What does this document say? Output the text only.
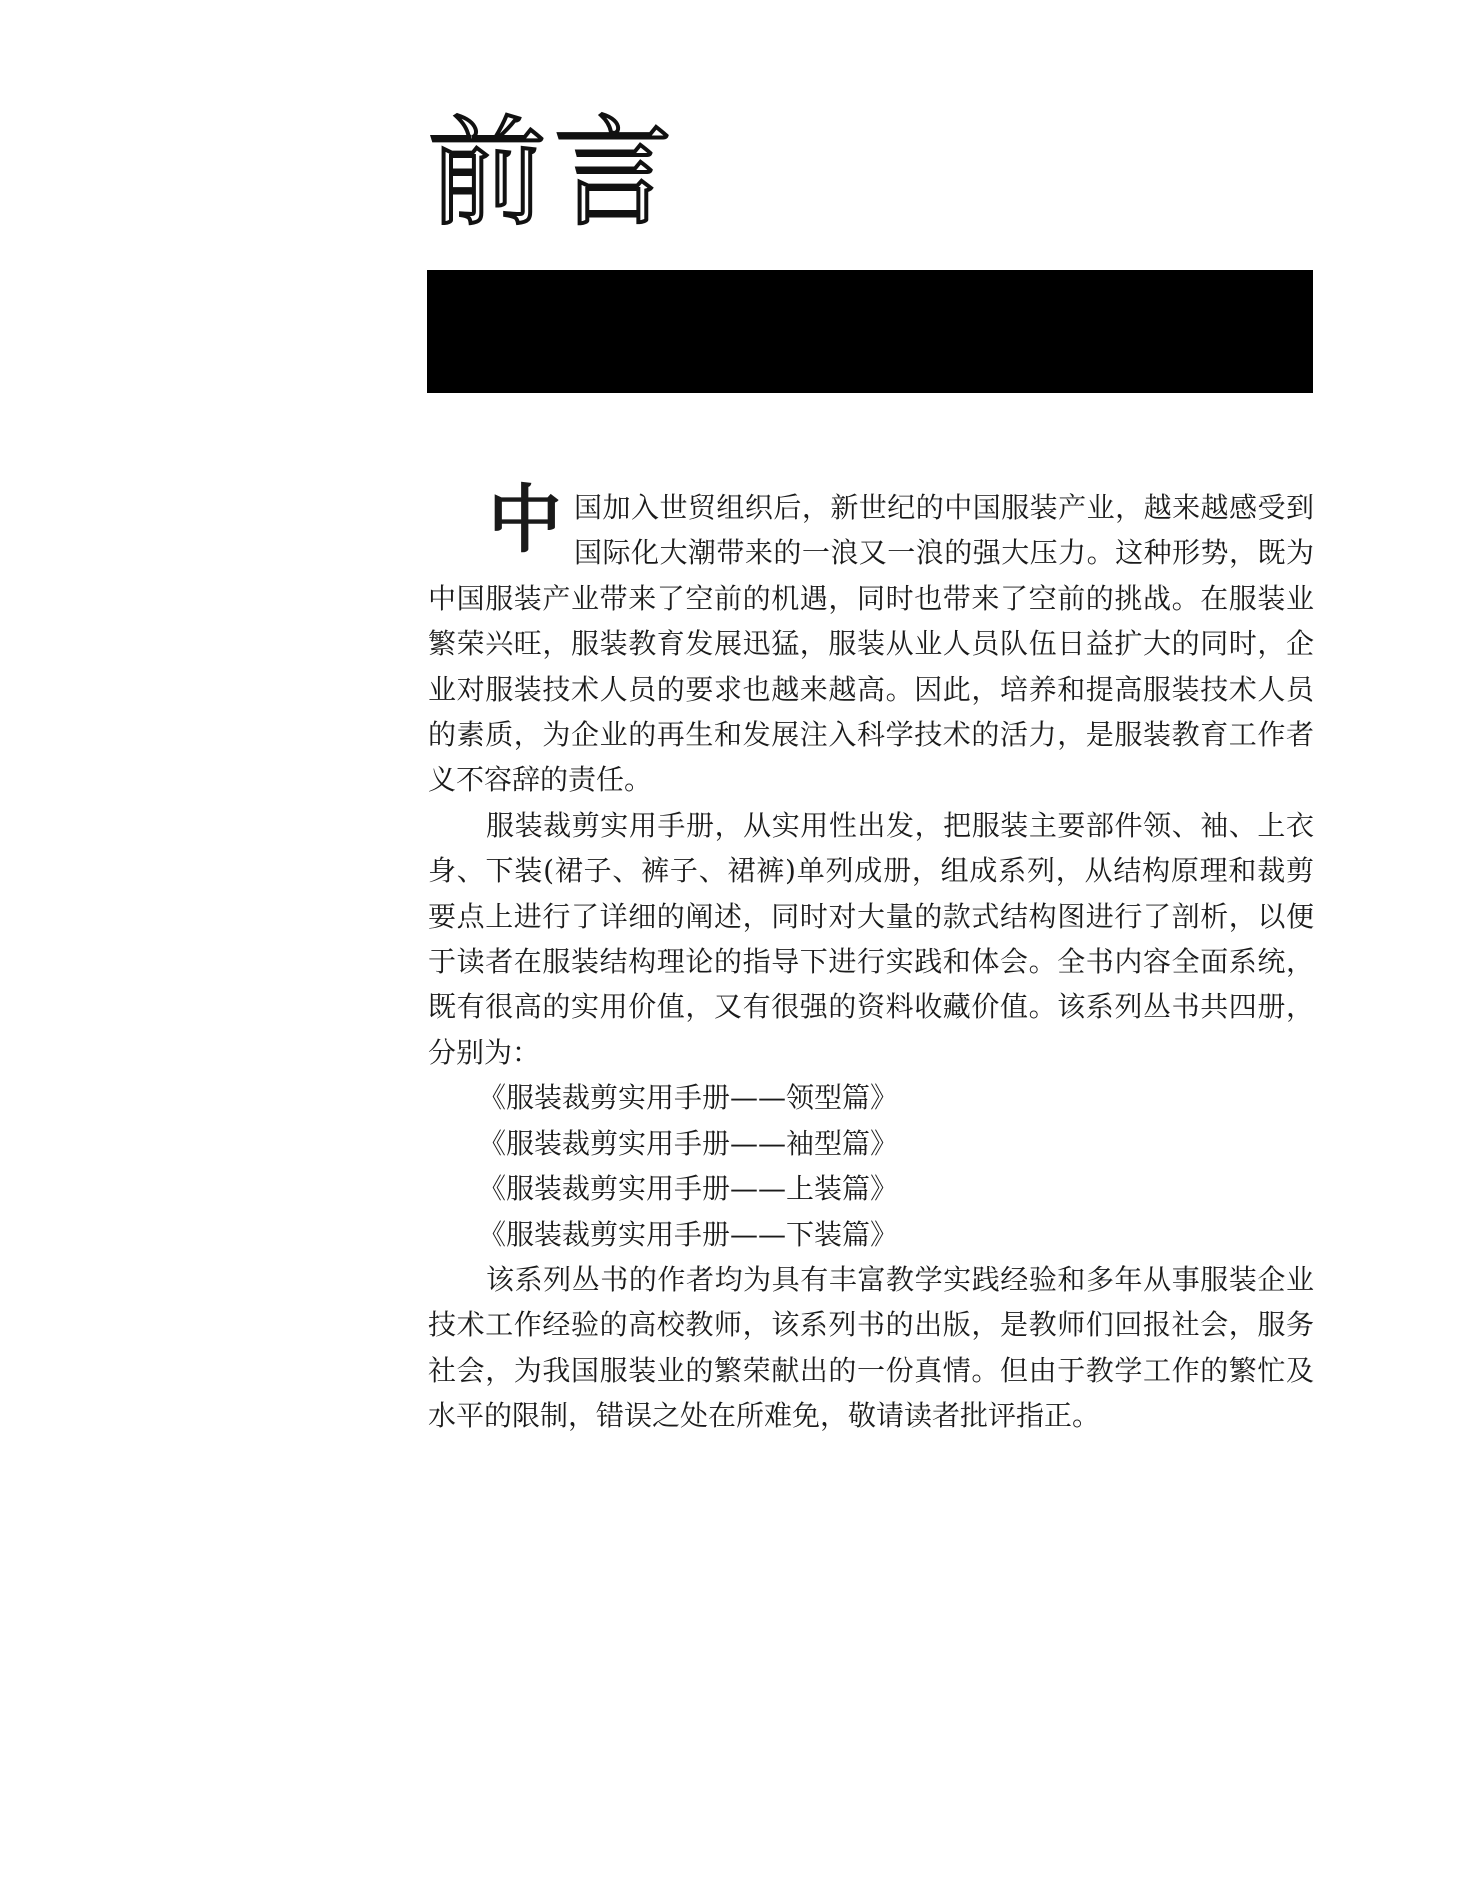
前言

中国加入世贸组织后，新世纪的中国服装产业，越来越感受到国际化大潮带来的一浪又一浪的强大压力。这种形势，既为中国服装产业带来了空前的机遇，同时也带来了空前的挑战。在服装业繁荣兴旺，服装教育发展迅猛，服装从业人员队伍日益扩大的同时，企业对服装技术人员的要求也越来越高。因此，培养和提高服装技术人员的素质，为企业的再生和发展注入科学技术的活力，是服装教育工作者义不容辞的责任。

服装裁剪实用手册，从实用性出发，把服装主要部件领、袖、上衣身、下装(裙子、裤子、裙裤)单列成册，组成系列，从结构原理和裁剪要点上进行了详细的阐述，同时对大量的款式结构图进行了剖析，以便于读者在服装结构理论的指导下进行实践和体会。全书内容全面系统，既有很高的实用价值，又有很强的资料收藏价值。该系列丛书共四册，分别为：

《服装裁剪实用手册——领型篇》
《服装裁剪实用手册——袖型篇》
《服装裁剪实用手册——上装篇》
《服装裁剪实用手册——下装篇》

该系列丛书的作者均为具有丰富教学实践经验和多年从事服装企业技术工作经验的高校教师，该系列书的出版，是教师们回报社会，服务社会，为我国服装业的繁荣献出的一份真情。但由于教学工作的繁忙及水平的限制，错误之处在所难免，敬请读者批评指正。
